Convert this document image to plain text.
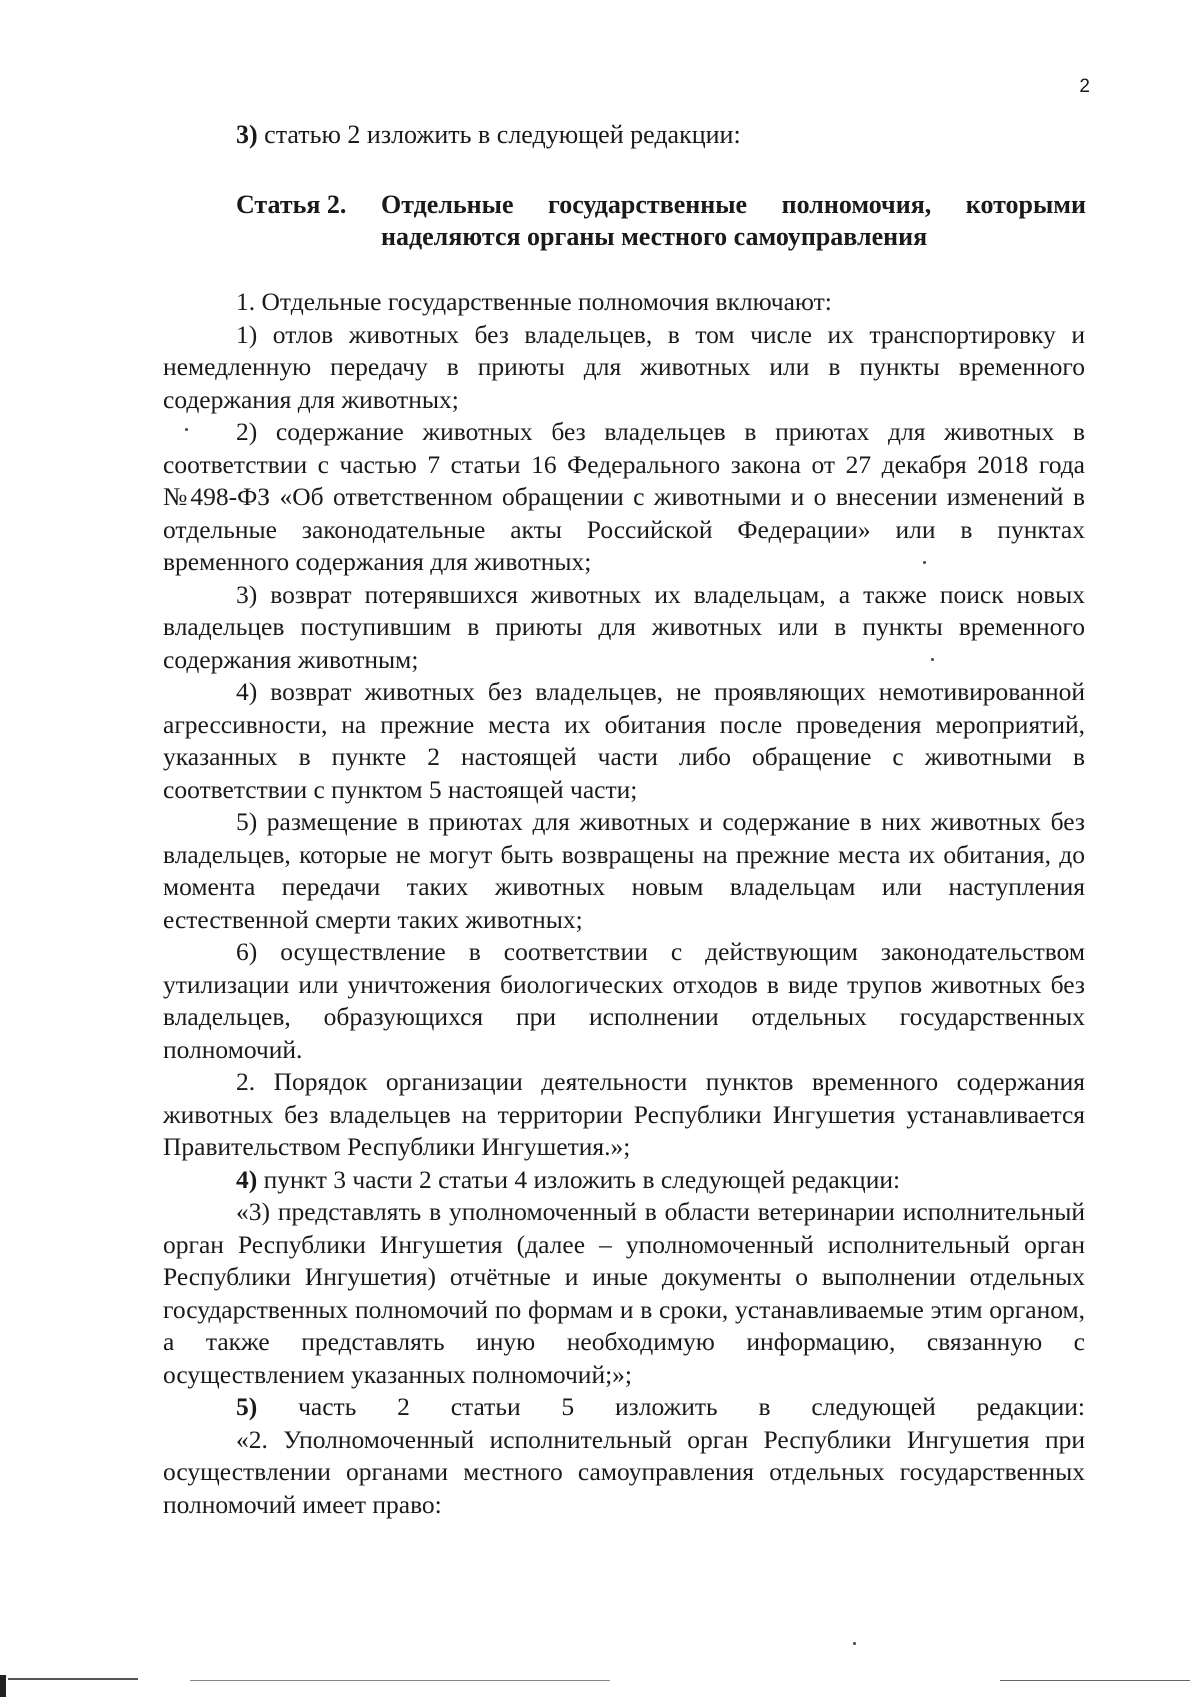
2
3) статью 2 изложить в следующей редакции:
Статья 2. Отдельные государственные полномочия, которыми наделяются органы местного самоуправления

1. Отдельные государственные полномочия включают:

1) отлов животных без владельцев, в том числе их транспортировку и немедленную передачу в приюты для животных или в пункты временного содержания для животных;

2) содержание животных без владельцев в приютах для животных в соответствии с частью 7 статьи 16 Федерального закона от 27 декабря 2018 года №498-ФЗ «Об ответственном обращении с животными и о внесении изменений в отдельные законодательные акты Российской Федерации» или в пунктах временного содержания для животных;

3) возврат потерявшихся животных их владельцам, а также поиск новых владельцев поступившим в приюты для животных или в пункты временного содержания животным;

4) возврат животных без владельцев, не проявляющих немотивированной агрессивности, на прежние места их обитания после проведения мероприятий, указанных в пункте 2 настоящей части либо обращение с животными в соответствии с пунктом 5 настоящей части;

5) размещение в приютах для животных и содержание в них животных без владельцев, которые не могут быть возвращены на прежние места их обитания, до момента передачи таких животных новым владельцам или наступления естественной смерти таких животных;

6) осуществление в соответствии с действующим законодательством утилизации или уничтожения биологических отходов в виде трупов животных без владельцев, образующихся при исполнении отдельных государственных полномочий.

2. Порядок организации деятельности пунктов временного содержания животных без владельцев на территории Республики Ингушетия устанавливается Правительством Республики Ингушетия.»;

4) пункт 3 части 2 статьи 4 изложить в следующей редакции:

«3) представлять в уполномоченный в области ветеринарии исполнительный орган Республики Ингушетия (далее – уполномоченный исполнительный орган Республики Ингушетия) отчётные и иные документы о выполнении отдельных государственных полномочий по формам и в сроки, устанавливаемые этим органом, а также представлять иную необходимую информацию, связанную с осуществлением указанных полномочий;»;

5) часть 2 статьи 5 изложить в следующей редакции:

«2. Уполномоченный исполнительный орган Республики Ингушетия при осуществлении органами местного самоуправления отдельных государственных полномочий имеет право:
